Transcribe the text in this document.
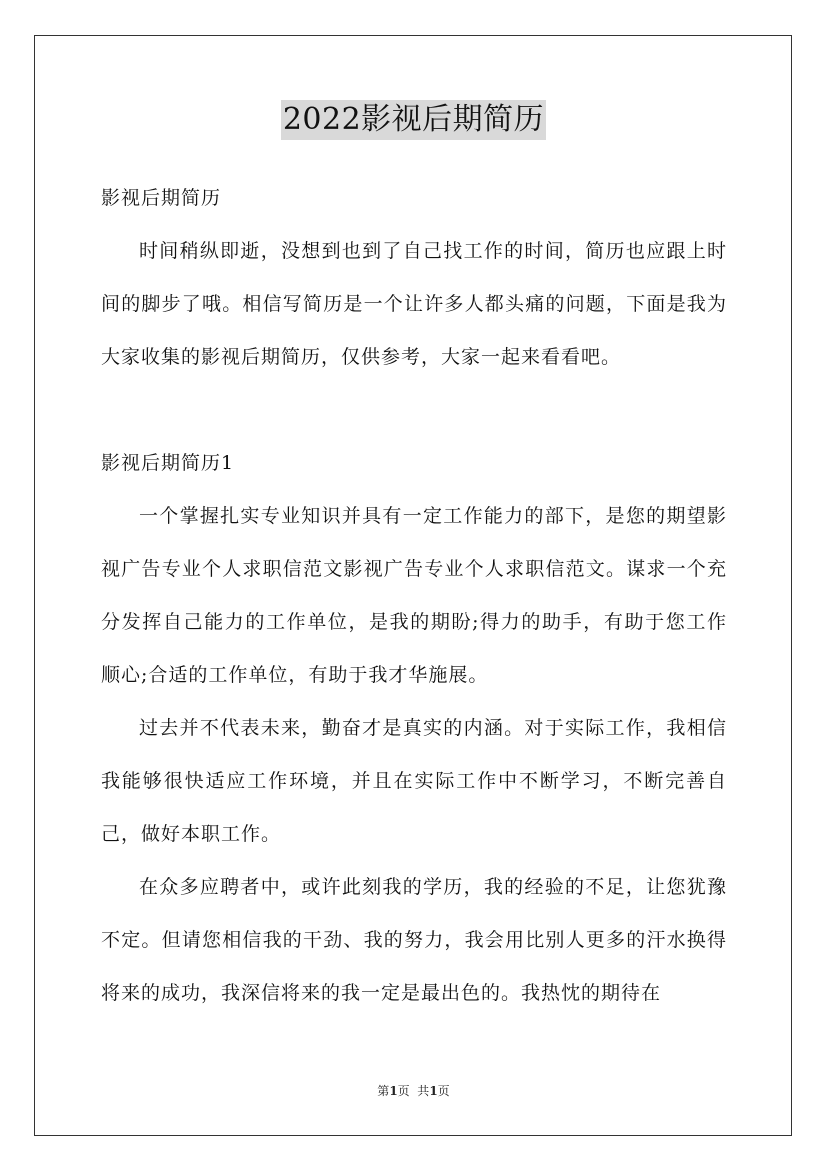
2022影视后期简历

影视后期简历

时间稍纵即逝，没想到也到了自己找工作的时间，简历也应跟上时间的脚步了哦。相信写简历是一个让许多人都头痛的问题，下面是我为大家收集的影视后期简历，仅供参考，大家一起来看看吧。

影视后期简历1

一个掌握扎实专业知识并具有一定工作能力的部下，是您的期望影视广告专业个人求职信范文影视广告专业个人求职信范文。谋求一个充分发挥自己能力的工作单位，是我的期盼;得力的助手，有助于您工作顺心;合适的工作单位，有助于我才华施展。

过去并不代表未来，勤奋才是真实的内涵。对于实际工作，我相信我能够很快适应工作环境，并且在实际工作中不断学习，不断完善自己，做好本职工作。

在众多应聘者中，或许此刻我的学历，我的经验的不足，让您犹豫不定。但请您相信我的干劲、我的努力，我会用比别人更多的汗水换得将来的成功，我深信将来的我一定是最出色的。我热忱的期待在

第1页  共1页
